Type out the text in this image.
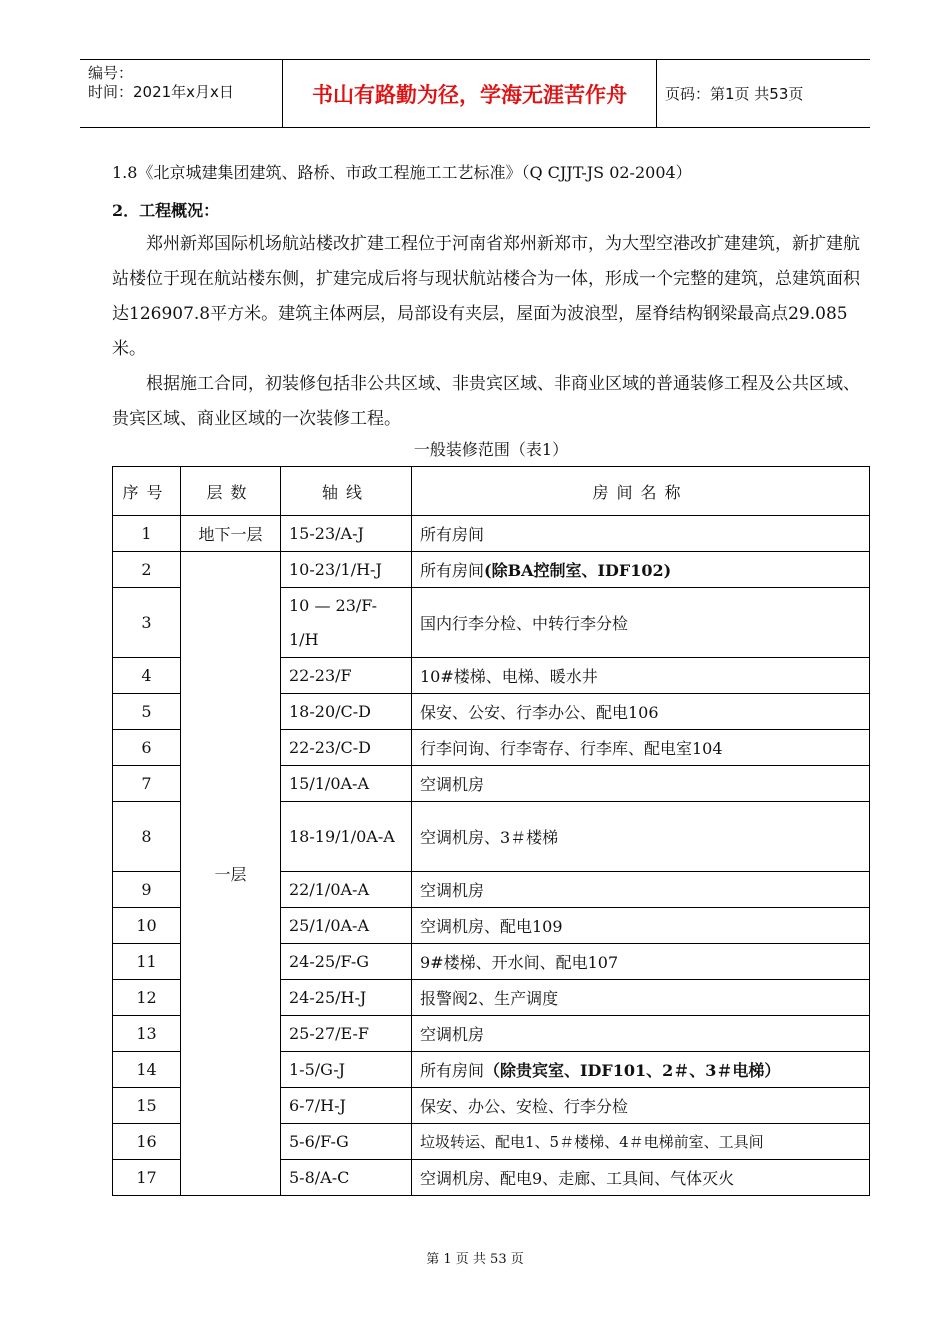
编号：
时间：2021年x月x日	书山有路勤为径，学海无涯苦作舟	页码：第1页 共53页
1.8《北京城建集团建筑、路桥、市政工程施工工艺标准》（Q CJJT-JS 02-2004）
2．工程概况：
郑州新郑国际机场航站楼改扩建工程位于河南省郑州新郑市，为大型空港改扩建建筑，新扩建航站楼位于现在航站楼东侧，扩建完成后将与现状航站楼合为一体，形成一个完整的建筑，总建筑面积达126907.8平方米。建筑主体两层，局部设有夹层，屋面为波浪型，屋脊结构钢梁最高点29.085米。
根据施工合同，初装修包括非公共区域、非贵宾区域、非商业区域的普通装修工程及公共区域、贵宾区域、商业区域的一次装修工程。
一般装修范围（表1）
序号	层数	轴线	房间名称
1	地下一层	15-23/A-J	所有房间
2	一层	10-23/1/H-J	所有房间(除BA控制室、IDF102)
3		10 — 23/F-1/H	国内行李分检、中转行李分检
4		22-23/F	10#楼梯、电梯、暖水井
5		18-20/C-D	保安、公安、行李办公、配电106
6		22-23/C-D	行李问询、行李寄存、行李库、配电室104
7		15/1/0A-A	空调机房
8		18-19/1/0A-A	空调机房、3＃楼梯
9		22/1/0A-A	空调机房
10		25/1/0A-A	空调机房、配电109
11		24-25/F-G	9#楼梯、开水间、配电107
12		24-25/H-J	报警阀2、生产调度
13		25-27/E-F	空调机房
14		1-5/G-J	所有房间（除贵宾室、IDF101、2＃、3＃电梯）
15		6-7/H-J	保安、办公、安检、行李分检
16		5-6/F-G	垃圾转运、配电1、5＃楼梯、4＃电梯前室、工具间
17		5-8/A-C	空调机房、配电9、走廊、工具间、气体灭火
第 1 页 共 53 页
